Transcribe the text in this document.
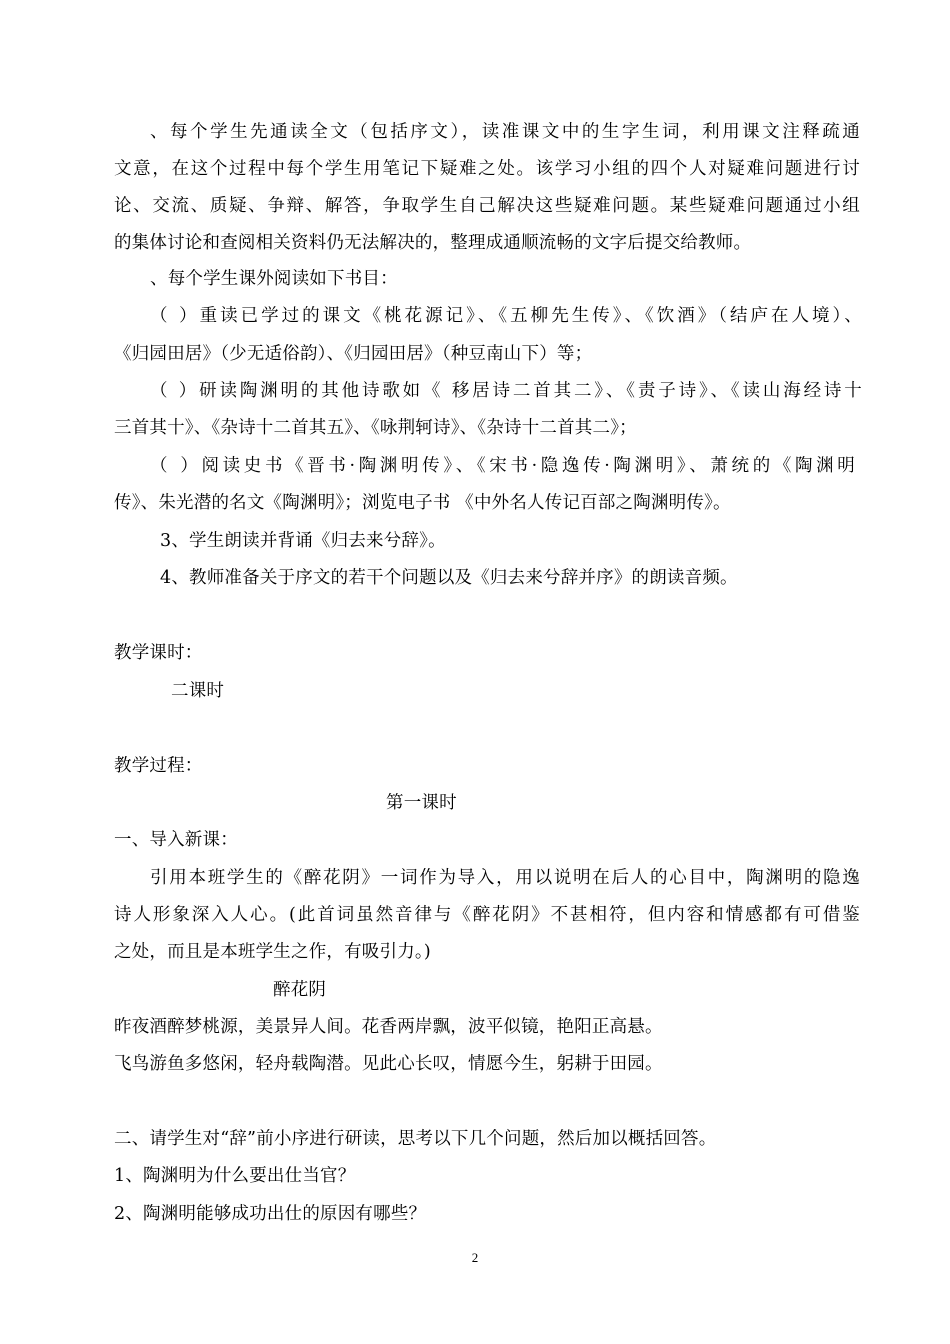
、每个学生先通读全文（包括序文），读准课文中的生字生词，利用课文注释疏通
文意，在这个过程中每个学生用笔记下疑难之处。该学习小组的四个人对疑难问题进行讨
论、交流、质疑、争辩、解答，争取学生自己解决这些疑难问题。某些疑难问题通过小组
的集体讨论和查阅相关资料仍无法解决的，整理成通顺流畅的文字后提交给教师。
、每个学生课外阅读如下书目：
（ ）重读已学过的课文《桃花源记》、《五柳先生传》、《饮酒》（结庐在人境）、
《归园田居》（少无适俗韵）、《归园田居》（种豆南山下）等；
（ ）研读陶渊明的其他诗歌如《 移居诗二首其二》、《责子诗》、《读山海经诗十
三首其十》、《杂诗十二首其五》、《咏荆轲诗》、《杂诗十二首其二》；
（ ）阅读史书《晋书·陶渊明传》、《宋书·隐逸传·陶渊明》、萧统的《陶渊明
传》、朱光潜的名文《陶渊明》；浏览电子书 《中外名人传记百部之陶渊明传》。
3、学生朗读并背诵《归去来兮辞》。
4、教师准备关于序文的若干个问题以及《归去来兮辞并序》的朗读音频。
教学课时：
二课时
教学过程：
第一课时
一、导入新课：
引用本班学生的《醉花阴》一词作为导入，用以说明在后人的心目中，陶渊明的隐逸
诗人形象深入人心。(此首词虽然音律与《醉花阴》不甚相符，但内容和情感都有可借鉴
之处，而且是本班学生之作，有吸引力。)
醉花阴
昨夜酒醉梦桃源，美景异人间。花香两岸飘，波平似镜，艳阳正高悬。
飞鸟游鱼多悠闲，轻舟载陶潜。见此心长叹，情愿今生，躬耕于田园。
二、请学生对“辞”前小序进行研读，思考以下几个问题，然后加以概括回答。
1、陶渊明为什么要出仕当官？
2、陶渊明能够成功出仕的原因有哪些？
2
